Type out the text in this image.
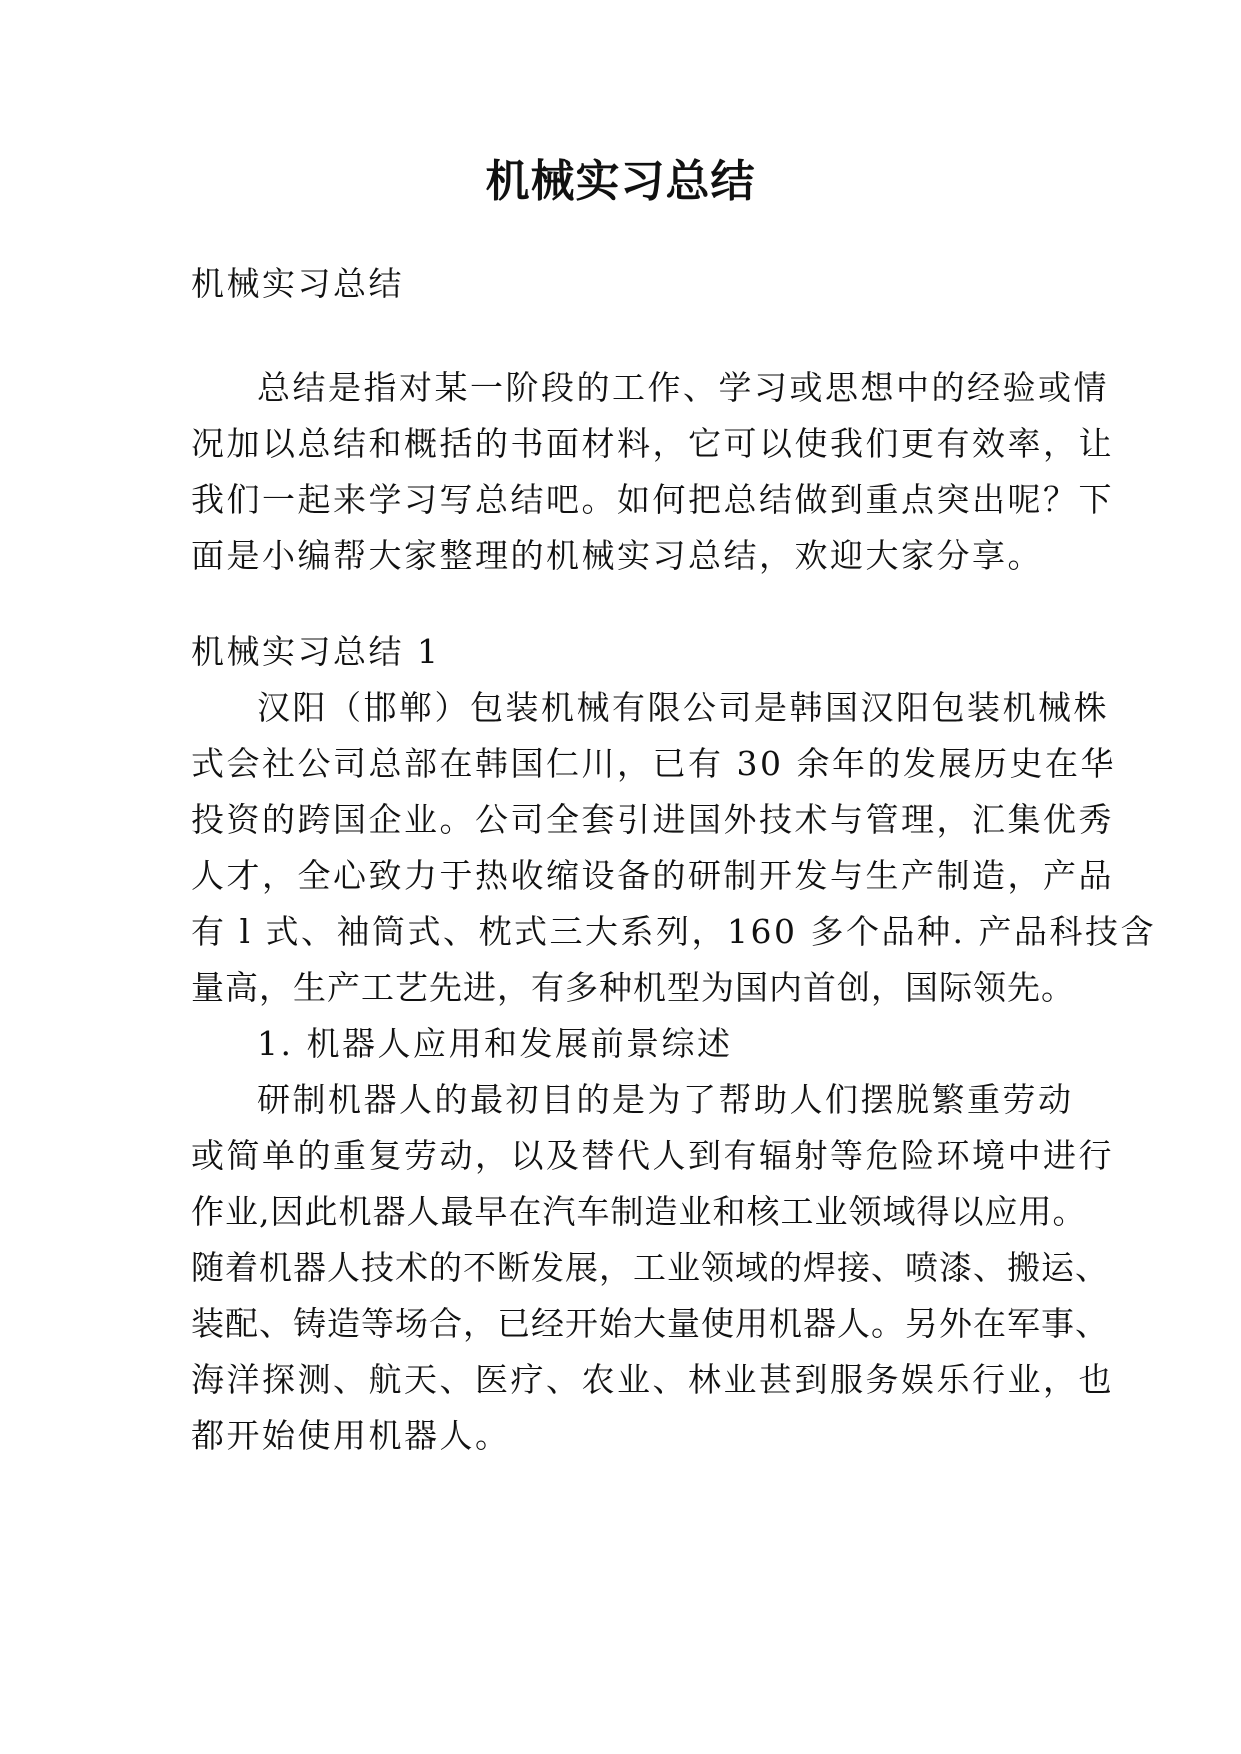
机械实习总结
机械实习总结
总结是指对某一阶段的工作、学习或思想中的经验或情
况加以总结和概括的书面材料，它可以使我们更有效率，让
我们一起来学习写总结吧。如何把总结做到重点突出呢？下
面是小编帮大家整理的机械实习总结，欢迎大家分享。
机械实习总结 1
汉阳（邯郸）包装机械有限公司是韩国汉阳包装机械株
式会社公司总部在韩国仁川，已有 30 余年的发展历史在华
投资的跨国企业。公司全套引进国外技术与管理，汇集优秀
人才，全心致力于热收缩设备的研制开发与生产制造，产品
有 l 式、袖筒式、枕式三大系列，160 多个品种. 产品科技含
量高，生产工艺先进，有多种机型为国内首创，国际领先。
1. 机器人应用和发展前景综述
研制机器人的最初目的是为了帮助人们摆脱繁重劳动
或简单的重复劳动，以及替代人到有辐射等危险环境中进行
作业,因此机器人最早在汽车制造业和核工业领域得以应用。
随着机器人技术的不断发展，工业领域的焊接、喷漆、搬运、
装配、铸造等场合，已经开始大量使用机器人。另外在军事、
海洋探测、航天、医疗、农业、林业甚到服务娱乐行业，也
都开始使用机器人。
